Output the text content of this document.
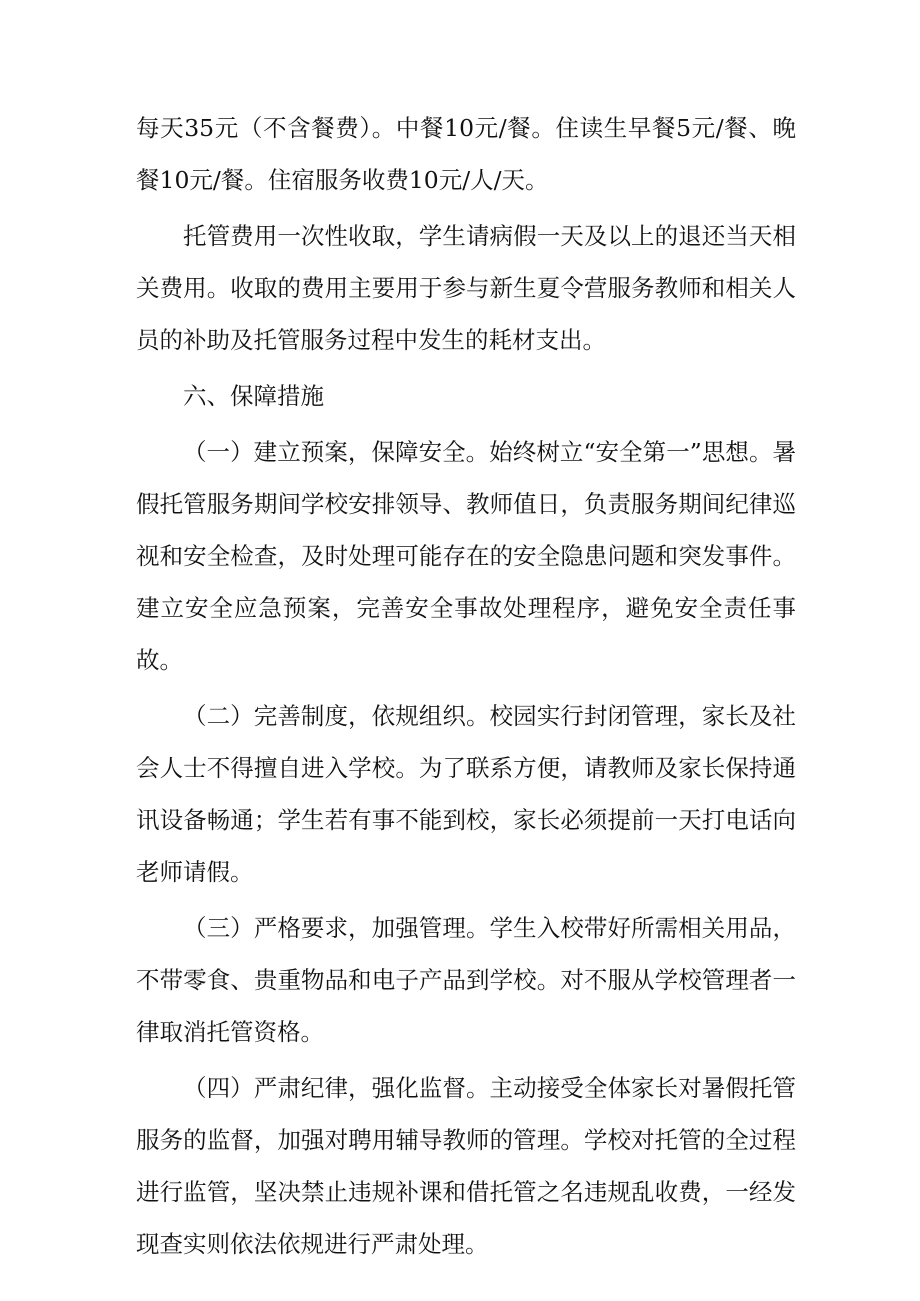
每天35元（不含餐费）。中餐10元/餐。住读生早餐5元/餐、晚餐10元/餐。住宿服务收费10元/人/天。

托管费用一次性收取，学生请病假一天及以上的退还当天相关费用。收取的费用主要用于参与新生夏令营服务教师和相关人员的补助及托管服务过程中发生的耗材支出。

六、保障措施

（一）建立预案，保障安全。始终树立“安全第一”思想。暑假托管服务期间学校安排领导、教师值日，负责服务期间纪律巡视和安全检查，及时处理可能存在的安全隐患问题和突发事件。建立安全应急预案，完善安全事故处理程序，避免安全责任事故。

（二）完善制度，依规组织。校园实行封闭管理，家长及社会人士不得擅自进入学校。为了联系方便，请教师及家长保持通讯设备畅通；学生若有事不能到校，家长必须提前一天打电话向老师请假。

（三）严格要求，加强管理。学生入校带好所需相关用品，不带零食、贵重物品和电子产品到学校。对不服从学校管理者一律取消托管资格。

（四）严肃纪律，强化监督。主动接受全体家长对暑假托管服务的监督，加强对聘用辅导教师的管理。学校对托管的全过程进行监管，坚决禁止违规补课和借托管之名违规乱收费，一经发现查实则依法依规进行严肃处理。
